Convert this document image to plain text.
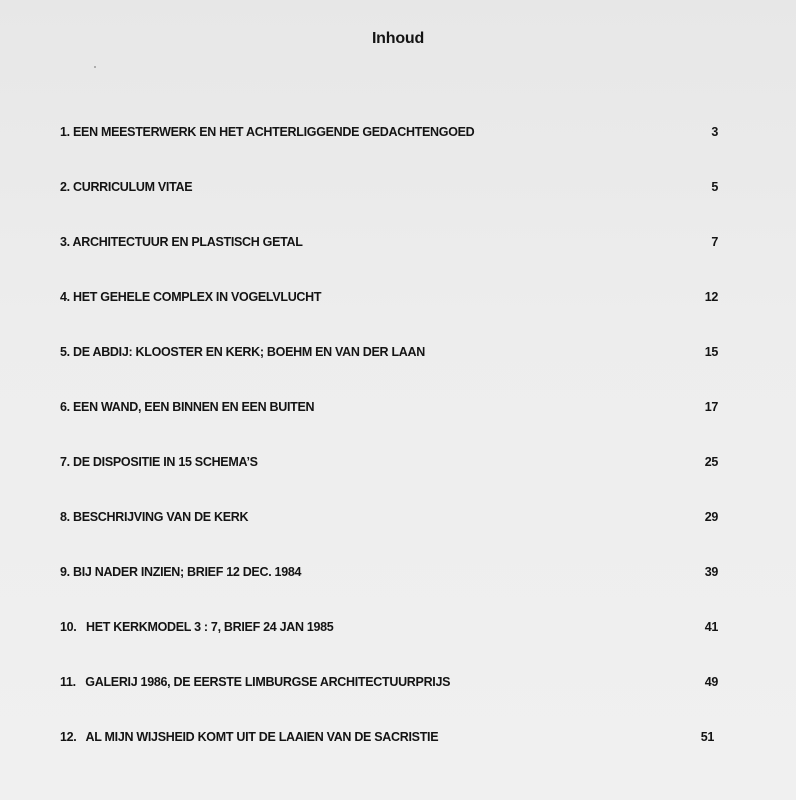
Inhoud
1. EEN MEESTERWERK EN HET ACHTERLIGGENDE GEDACHTENGOED	3
2. CURRICULUM VITAE	5
3. ARCHITECTUUR EN PLASTISCH GETAL	7
4. HET GEHELE COMPLEX IN VOGELVLUCHT	12
5. DE ABDIJ: KLOOSTER EN KERK; BOEHM EN VAN DER LAAN	15
6. EEN WAND, EEN BINNEN EN EEN BUITEN	17
7. DE DISPOSITIE IN 15 SCHEMA’S	25
8. BESCHRIJVING VAN DE KERK	29
9. BIJ NADER INZIEN; BRIEF 12 DEC. 1984	39
10.   HET KERKMODEL 3 : 7, BRIEF 24 JAN 1985	41
11.   GALERIJ 1986, DE EERSTE LIMBURGSE ARCHITECTUURPRIJS	49
12.   AL MIJN WIJSHEID KOMT UIT DE LAAIEN VAN DE SACRISTIE	51
